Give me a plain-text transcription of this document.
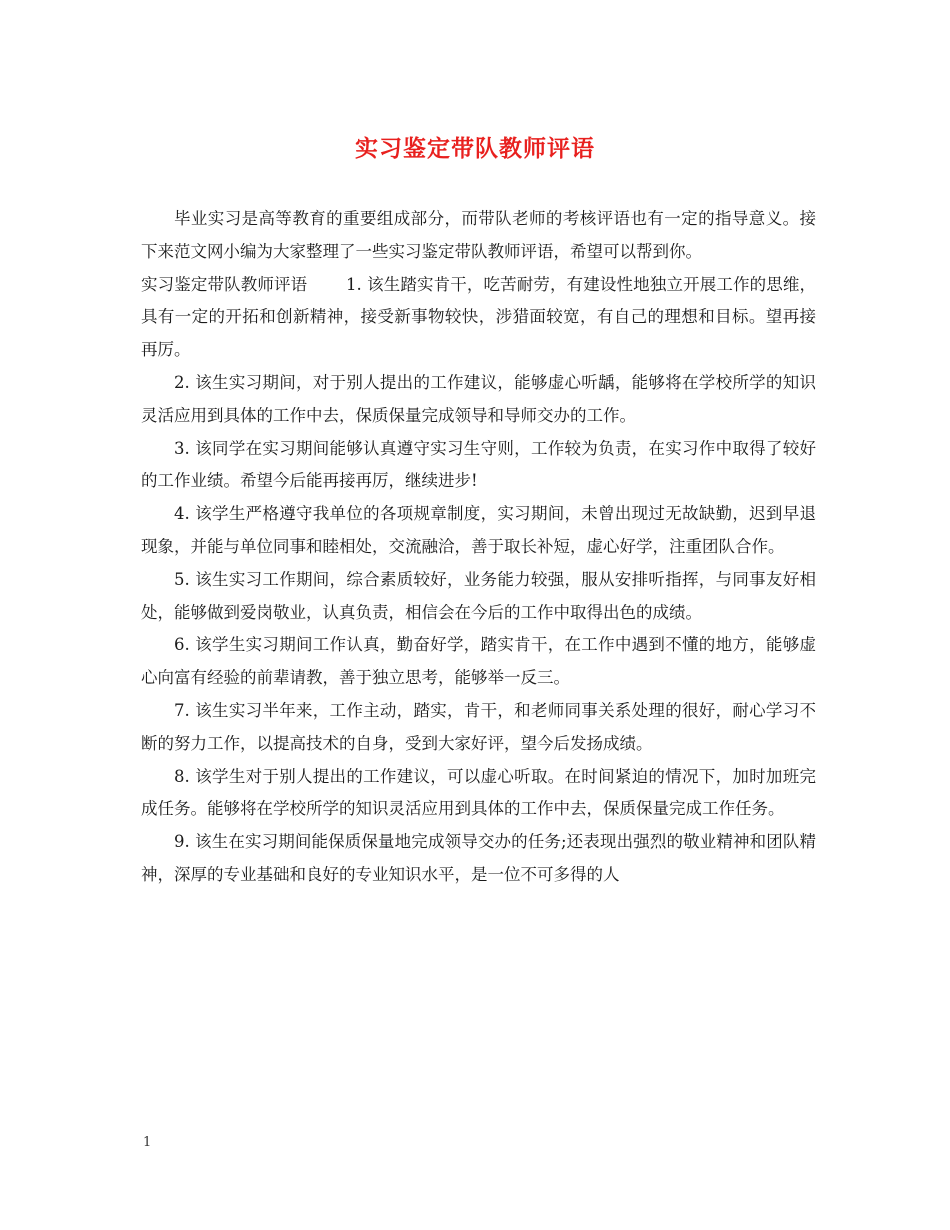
实习鉴定带队教师评语

毕业实习是高等教育的重要组成部分，而带队老师的考核评语也有一定的指导意义。接下来范文网小编为大家整理了一些实习鉴定带队教师评语，希望可以帮到你。

实习鉴定带队教师评语　　 1. 该生踏实肯干，吃苦耐劳，有建设性地独立开展工作的思维，具有一定的开拓和创新精神，接受新事物较快，涉猎面较宽，有自己的理想和目标。望再接再厉。

2. 该生实习期间，对于别人提出的工作建议，能够虚心听龋，能够将在学校所学的知识灵活应用到具体的工作中去，保质保量完成领导和导师交办的工作。

3. 该同学在实习期间能够认真遵守实习生守则，工作较为负责，在实习作中取得了较好的工作业绩。希望今后能再接再厉，继续进步!

4. 该学生严格遵守我单位的各项规章制度，实习期间，未曾出现过无故缺勤，迟到早退现象，并能与单位同事和睦相处，交流融洽，善于取长补短，虚心好学，注重团队合作。

5. 该生实习工作期间，综合素质较好，业务能力较强，服从安排听指挥，与同事友好相处，能够做到爱岗敬业，认真负责，相信会在今后的工作中取得出色的成绩。

6. 该学生实习期间工作认真，勤奋好学，踏实肯干，在工作中遇到不懂的地方，能够虚心向富有经验的前辈请教，善于独立思考，能够举一反三。

7. 该生实习半年来，工作主动，踏实，肯干，和老师同事关系处理的很好，耐心学习不断的努力工作，以提高技术的自身，受到大家好评，望今后发扬成绩。

8. 该学生对于别人提出的工作建议，可以虚心听取。在时间紧迫的情况下，加时加班完成任务。能够将在学校所学的知识灵活应用到具体的工作中去，保质保量完成工作任务。

9. 该生在实习期间能保质保量地完成领导交办的任务;还表现出强烈的敬业精神和团队精神，深厚的专业基础和良好的专业知识水平，是一位不可多得的人

1
